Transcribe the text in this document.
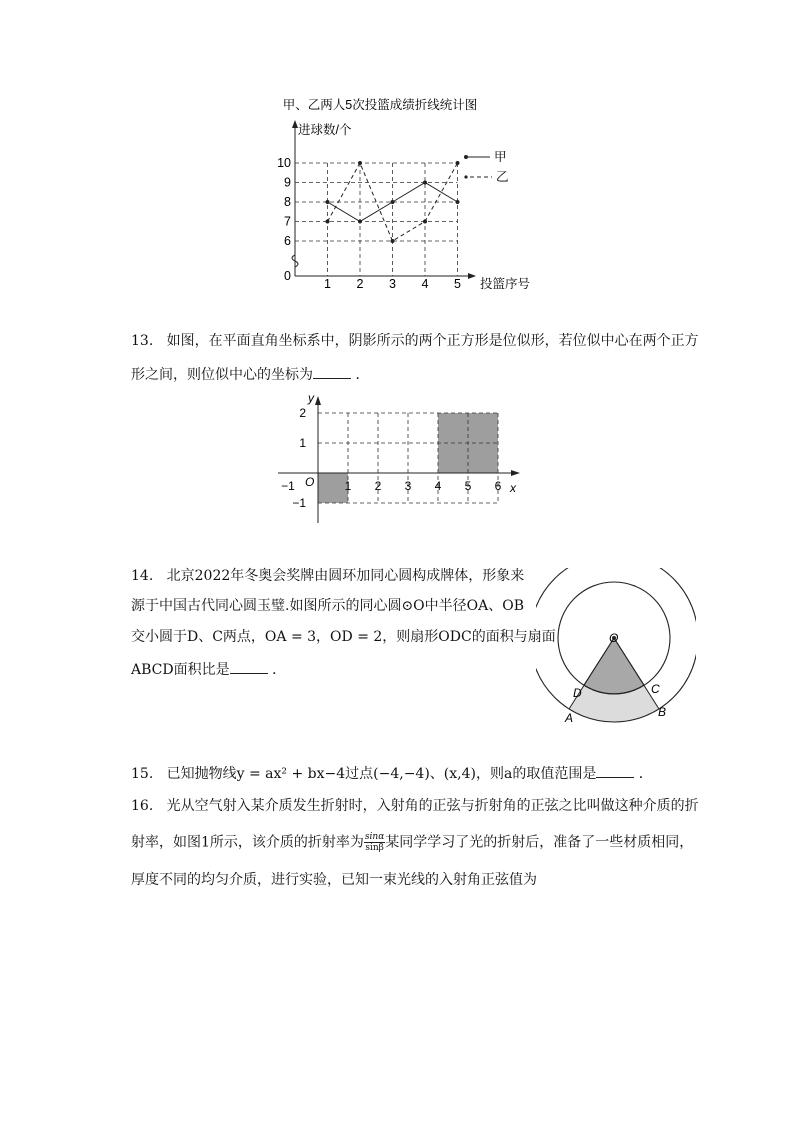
甲、乙两人5次投篮成绩折线统计图
进球数/个
投篮序号
0
6
7
8
9
10
1 2 3 4 5
甲
乙
13. 如图，在平面直角坐标系中，阴影所示的两个正方形是位似形，若位似中心在两个正方
形之间，则位似中心的坐标为	．
y
x
O
−1	1 2 3 4 5 6
2
1
−1
14. 北京2022年冬奥会奖牌由圆环加同心圆构成牌体，形象来
源于中国古代同心圆玉璧.如图所示的同心圆⊙O中半径OA、OB
交小圆于D、C两点，OA = 3，OD = 2，则扇形ODC的面积与扇面
ABCD面积比是	．
O
D	C
A	B
15. 已知抛物线y = ax² + bx−4过点(−4,−4)、(x,4)，则a的取值范围是	．
16. 光从空气射入某介质发生折射时，入射角的正弦与折射角的正弦之比叫做这种介质的折
射率，如图1所示，该介质的折射率为 $\frac{\sin\alpha}{\sin\beta}$ 某同学学习了光的折射后，准备了一些材质相同，
厚度不同的均匀介质，进行实验，已知一束光线的入射角正弦值为
